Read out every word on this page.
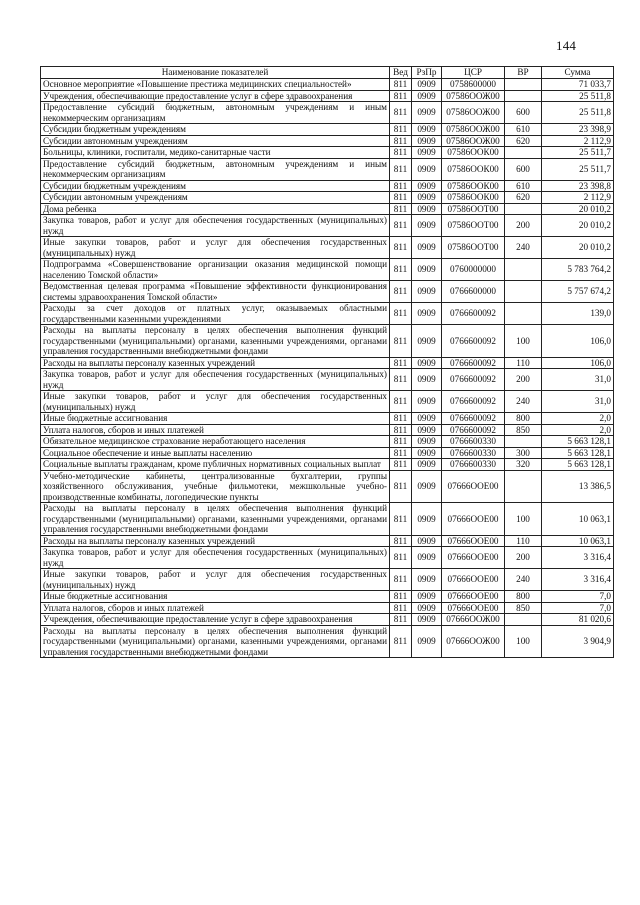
144
Наименование показателей	Вед	РзПр	ЦСР	ВР	Сумма
Основное мероприятие «Повышение престижа медицинских специальностей»	811	0909	0758600000		71 033,7
Учреждения, обеспечивающие предоставление услуг в сфере здравоохранения	811	0909	07586ООЖ00		25 511,8
Предоставление субсидий бюджетным, автономным учреждениям и иным некоммерческим организациям	811	0909	07586ООЖ00	600	25 511,8
Субсидии бюджетным учреждениям	811	0909	07586ООЖ00	610	23 398,9
Субсидии автономным учреждениям	811	0909	07586ООЖ00	620	2 112,9
Больницы, клиники, госпитали, медико-санитарные части	811	0909	07586ООК00		25 511,7
Предоставление субсидий бюджетным, автономным учреждениям и иным некоммерческим организациям	811	0909	07586ООК00	600	25 511,7
Субсидии бюджетным учреждениям	811	0909	07586ООК00	610	23 398,8
Субсидии автономным учреждениям	811	0909	07586ООК00	620	2 112,9
Дома ребенка	811	0909	07586ООТ00		20 010,2
Закупка товаров, работ и услуг для обеспечения государственных (муниципальных) нужд	811	0909	07586ООТ00	200	20 010,2
Иные закупки товаров, работ и услуг для обеспечения государственных (муниципальных) нужд	811	0909	07586ООТ00	240	20 010,2
Подпрограмма «Совершенствование организации оказания медицинской помощи населению Томской области»	811	0909	0760000000		5 783 764,2
Ведомственная целевая программа «Повышение эффективности функционирования системы здравоохранения Томской области»	811	0909	0766600000		5 757 674,2
Расходы за счет доходов от платных услуг, оказываемых областными государственными казенными учреждениями	811	0909	0766600092		139,0
Расходы на выплаты персоналу в целях обеспечения выполнения функций государственными (муниципальными) органами, казенными учреждениями, органами управления государственными внебюджетными фондами	811	0909	0766600092	100	106,0
Расходы на выплаты персоналу казенных учреждений	811	0909	0766600092	110	106,0
Закупка товаров, работ и услуг для обеспечения государственных (муниципальных) нужд	811	0909	0766600092	200	31,0
Иные закупки товаров, работ и услуг для обеспечения государственных (муниципальных) нужд	811	0909	0766600092	240	31,0
Иные бюджетные ассигнования	811	0909	0766600092	800	2,0
Уплата налогов, сборов и иных платежей	811	0909	0766600092	850	2,0
Обязательное медицинское страхование неработающего населения	811	0909	0766600330		5 663 128,1
Социальное обеспечение и иные выплаты населению	811	0909	0766600330	300	5 663 128,1
Социальные выплаты гражданам, кроме публичных нормативных социальных выплат	811	0909	0766600330	320	5 663 128,1
Учебно-методические кабинеты, централизованные бухгалтерии, группы хозяйственного обслуживания, учебные фильмотеки, межшкольные учебно-производственные комбинаты, логопедические пункты	811	0909	07666ООЕ00		13 386,5
Расходы на выплаты персоналу в целях обеспечения выполнения функций государственными (муниципальными) органами, казенными учреждениями, органами управления государственными внебюджетными фондами	811	0909	07666ООЕ00	100	10 063,1
Расходы на выплаты персоналу казенных учреждений	811	0909	07666ООЕ00	110	10 063,1
Закупка товаров, работ и услуг для обеспечения государственных (муниципальных) нужд	811	0909	07666ООЕ00	200	3 316,4
Иные закупки товаров, работ и услуг для обеспечения государственных (муниципальных) нужд	811	0909	07666ООЕ00	240	3 316,4
Иные бюджетные ассигнования	811	0909	07666ООЕ00	800	7,0
Уплата налогов, сборов и иных платежей	811	0909	07666ООЕ00	850	7,0
Учреждения, обеспечивающие предоставление услуг в сфере здравоохранения	811	0909	07666ООЖ00		81 020,6
Расходы на выплаты персоналу в целях обеспечения выполнения функций государственными (муниципальными) органами, казенными учреждениями, органами управления государственными внебюджетными фондами	811	0909	07666ООЖ00	100	3 904,9
